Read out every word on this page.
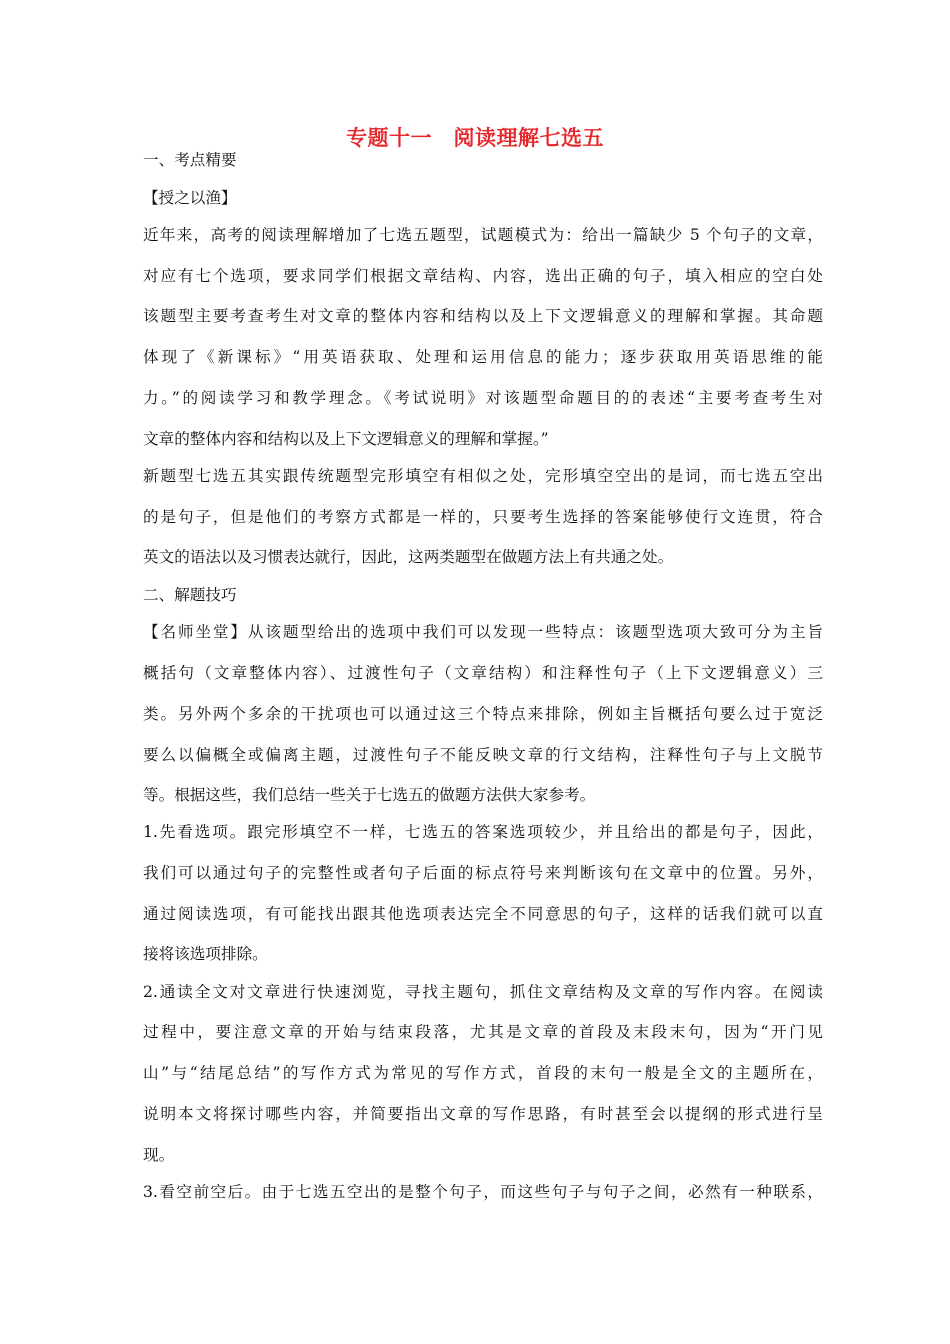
专题十一　阅读理解七选五
一、考点精要
【授之以渔】
近年来，高考的阅读理解增加了七选五题型，试题模式为：给出一篇缺少 5 个句子的文章，
对应有七个选项，要求同学们根据文章结构、内容，选出正确的句子，填入相应的空白处
该题型主要考查考生对文章的整体内容和结构以及上下文逻辑意义的理解和掌握。其命题
体现了《新课标》“用英语获取、处理和运用信息的能力；逐步获取用英语思维的能
力。”的阅读学习和教学理念。《考试说明》对该题型命题目的的表述“主要考查考生对
文章的整体内容和结构以及上下文逻辑意义的理解和掌握。”
新题型七选五其实跟传统题型完形填空有相似之处，完形填空空出的是词，而七选五空出
的是句子，但是他们的考察方式都是一样的，只要考生选择的答案能够使行文连贯，符合
英文的语法以及习惯表达就行，因此，这两类题型在做题方法上有共通之处。
二、解题技巧
【名师坐堂】从该题型给出的选项中我们可以发现一些特点：该题型选项大致可分为主旨
概括句（文章整体内容）、过渡性句子（文章结构）和注释性句子（上下文逻辑意义）三
类。另外两个多余的干扰项也可以通过这三个特点来排除，例如主旨概括句要么过于宽泛
要么以偏概全或偏离主题，过渡性句子不能反映文章的行文结构，注释性句子与上文脱节
等。根据这些，我们总结一些关于七选五的做题方法供大家参考。
1.先看选项。跟完形填空不一样，七选五的答案选项较少，并且给出的都是句子，因此，
我们可以通过句子的完整性或者句子后面的标点符号来判断该句在文章中的位置。另外，
通过阅读选项，有可能找出跟其他选项表达完全不同意思的句子，这样的话我们就可以直
接将该选项排除。
2.通读全文对文章进行快速浏览，寻找主题句，抓住文章结构及文章的写作内容。在阅读
过程中，要注意文章的开始与结束段落，尤其是文章的首段及末段末句，因为“开门见
山”与“结尾总结”的写作方式为常见的写作方式，首段的末句一般是全文的主题所在，
说明本文将探讨哪些内容，并简要指出文章的写作思路，有时甚至会以提纲的形式进行呈
现。
3.看空前空后。由于七选五空出的是整个句子，而这些句子与句子之间，必然有一种联系，
